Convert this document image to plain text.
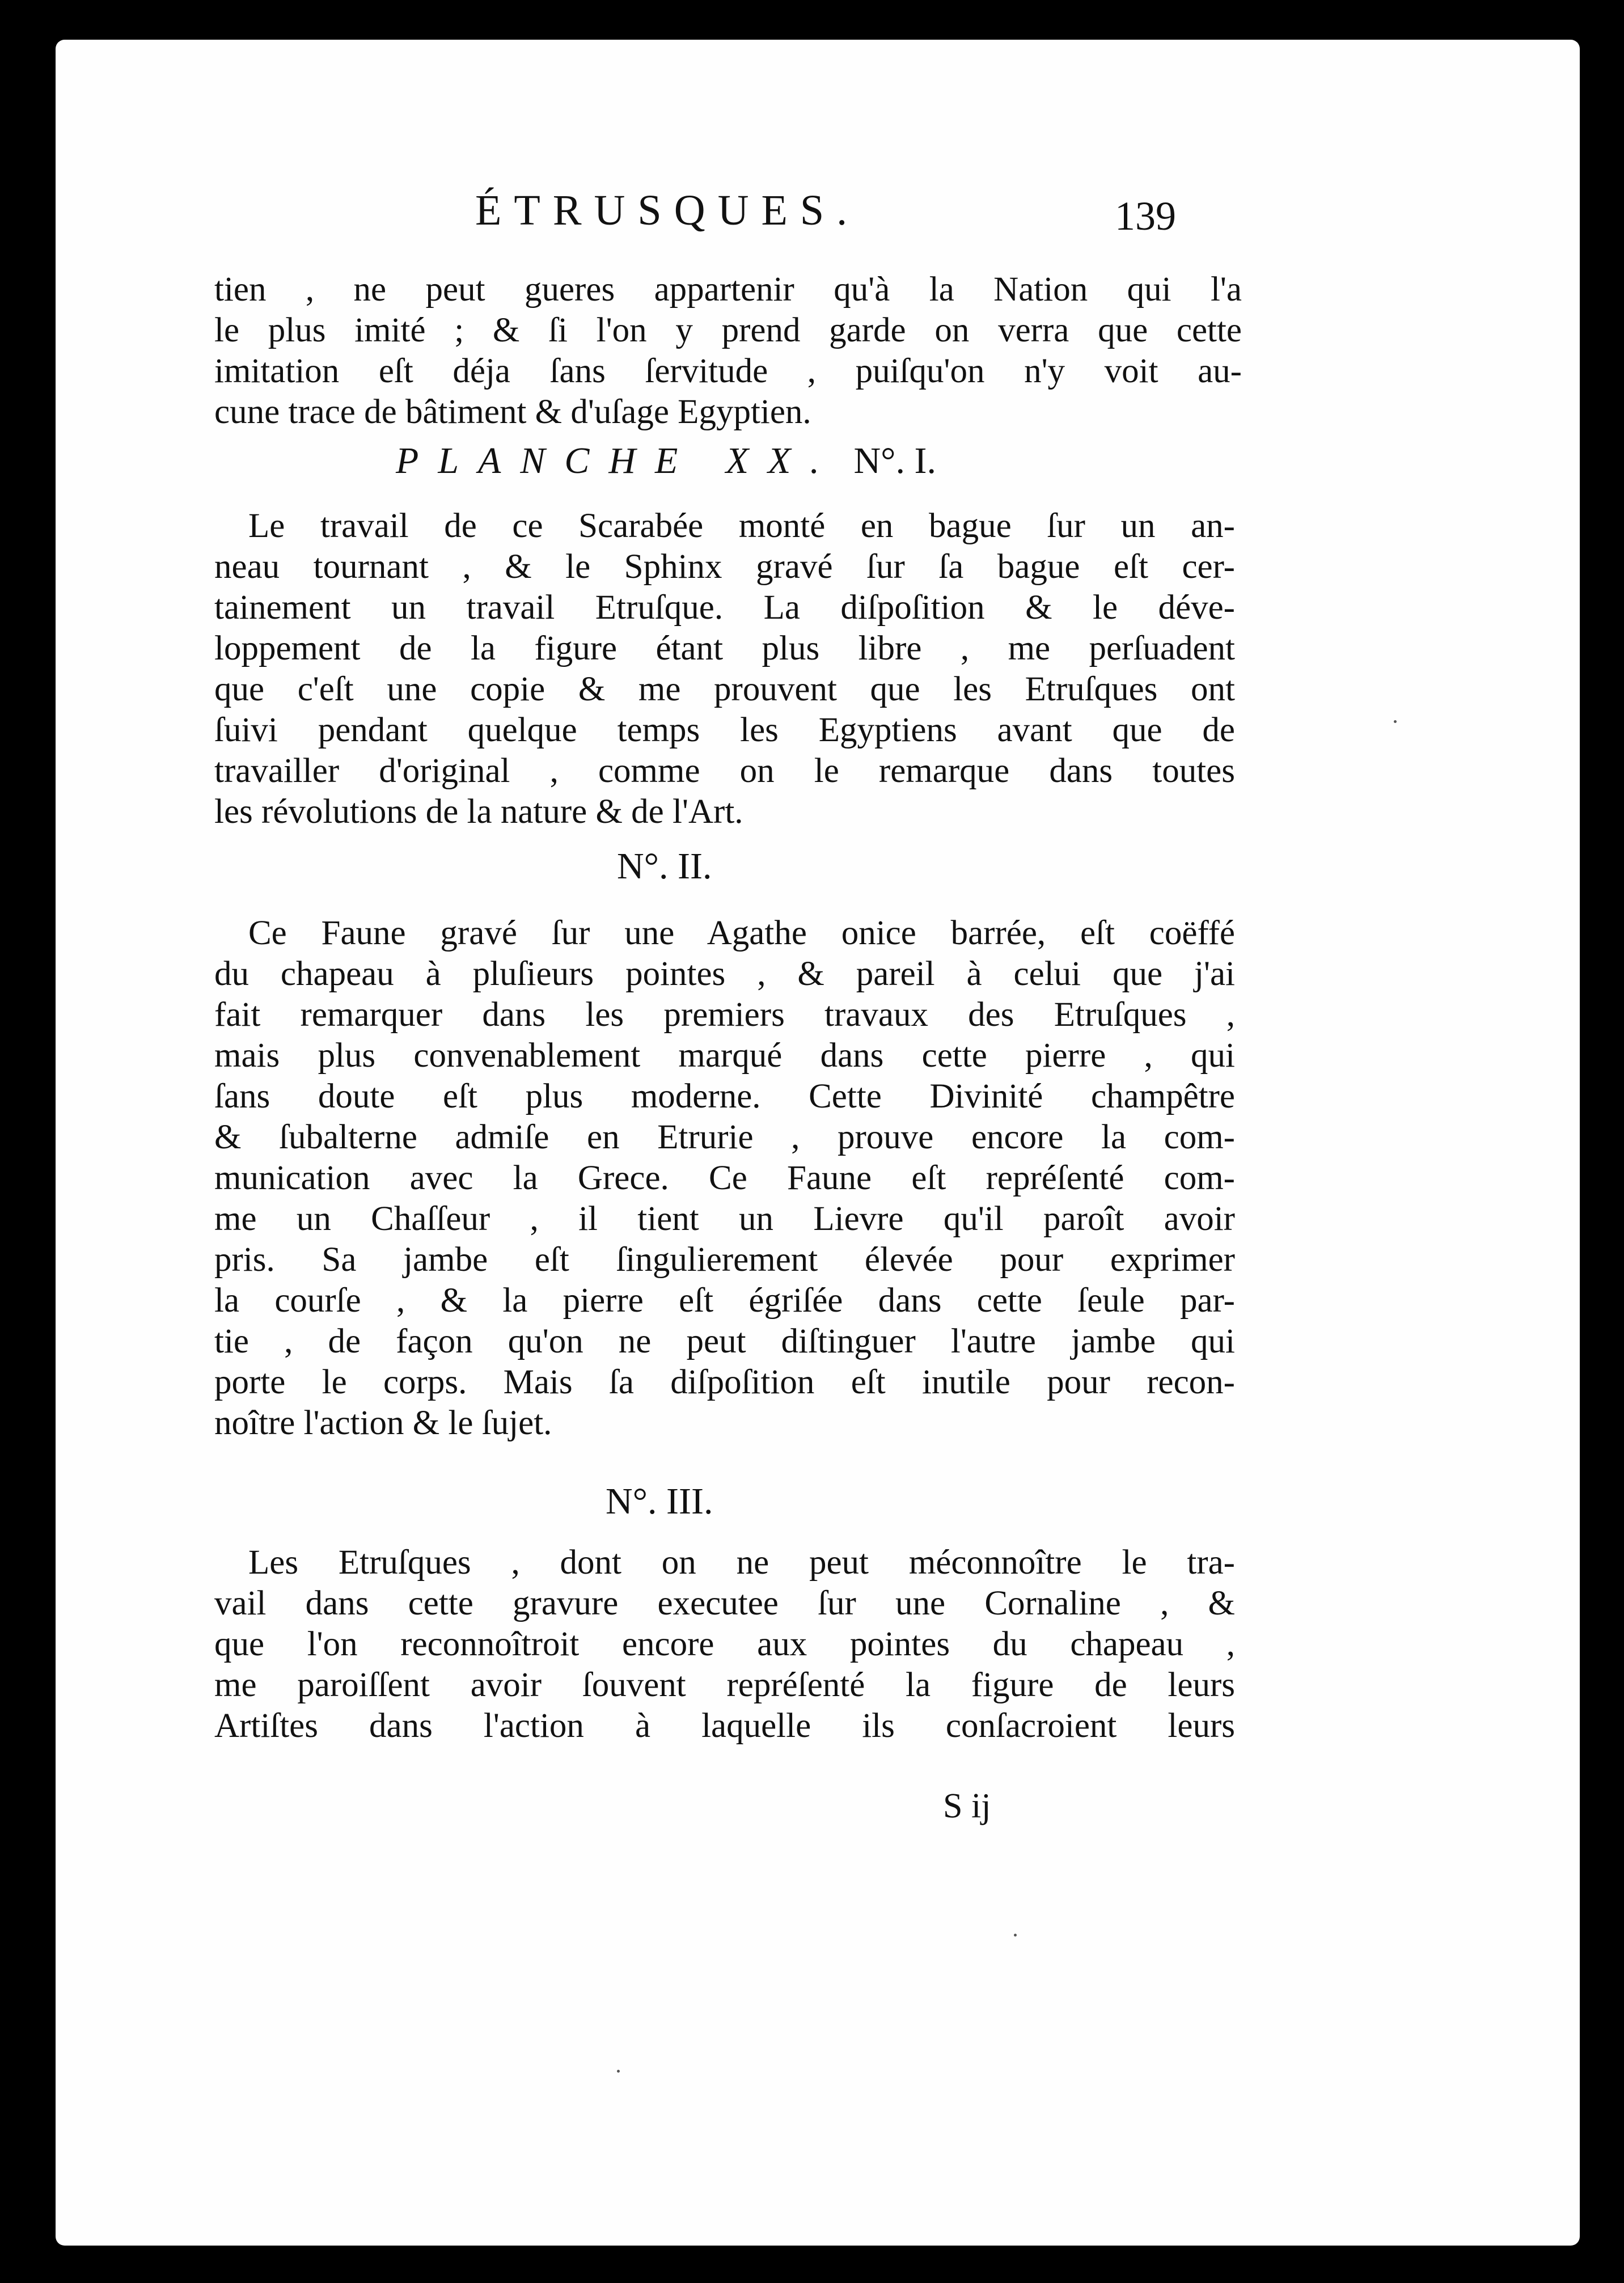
ÉTRUSQUES.	139

tien , ne peut gueres appartenir qu'à la Nation qui l'a
le plus imité ; & ſi l'on y prend garde on verra que cette
imitation eſt déja ſans ſervitude , puiſqu'on n'y voit au-
cune trace de bâtiment & d'uſage Egyptien.

PLANCHE XX. N°. I.

Le travail de ce Scarabée monté en bague ſur un an-
neau tournant , & le Sphinx gravé ſur ſa bague eſt cer-
tainement un travail Etruſque. La diſpoſition & le déve-
loppement de la figure étant plus libre , me perſuadent
que c'eſt une copie & me prouvent que les Etruſques ont
ſuivi pendant quelque temps les Egyptiens avant que de
travailler d'original , comme on le remarque dans toutes
les révolutions de la nature & de l'Art.

N°. II.

Ce Faune gravé ſur une Agathe onice barrée, eſt coëffé
du chapeau à pluſieurs pointes , & pareil à celui que j'ai
fait remarquer dans les premiers travaux des Etruſques ,
mais plus convenablement marqué dans cette pierre , qui
ſans doute eſt plus moderne. Cette Divinité champêtre
& ſubalterne admiſe en Etrurie , prouve encore la com-
munication avec la Grece. Ce Faune eſt repréſenté com-
me un Chaſſeur , il tient un Lievre qu'il paroît avoir
pris. Sa jambe eſt ſingulierement élevée pour exprimer
la courſe , & la pierre eſt égriſée dans cette ſeule par-
tie , de façon qu'on ne peut diſtinguer l'autre jambe qui
porte le corps. Mais ſa diſpoſition eſt inutile pour recon-
noître l'action & le ſujet.

N°. III.

Les Etruſques , dont on ne peut méconnoître le tra-
vail dans cette gravure executee ſur une Cornaline , &
que l'on reconnoîtroit encore aux pointes du chapeau ,
me paroiſſent avoir ſouvent repréſenté la figure de leurs
Artiſtes dans l'action à laquelle ils conſacroient leurs

S ij
